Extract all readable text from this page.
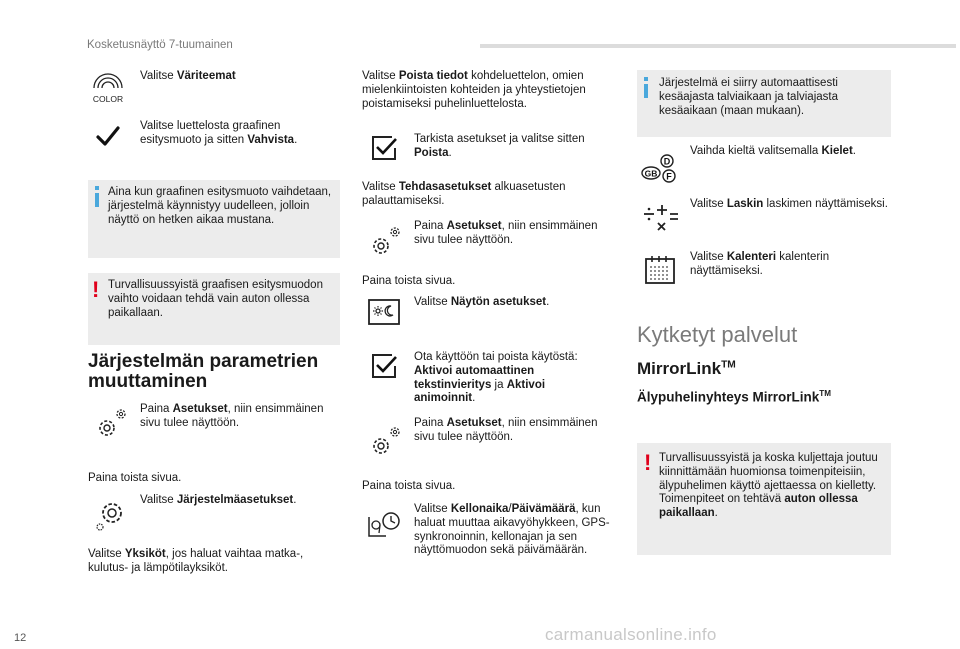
Kosketusnäyttö 7-tuumainen
COLOR
Valitse Väriteemat
Valitse luettelosta graafinen esitysmuoto ja sitten Vahvista.
Aina kun graafinen esitysmuoto vaihdetaan, järjestelmä käynnistyy uudelleen, jolloin näyttö on hetken aikaa mustana.
! Turvallisuussyistä graafisen esitysmuodon vaihto voidaan tehdä vain auton ollessa paikallaan.
Järjestelmän parametrien muuttaminen
Paina Asetukset, niin ensimmäinen sivu tulee näyttöön.
Paina toista sivua.
Valitse Järjestelmäasetukset.
Valitse Yksiköt, jos haluat vaihtaa matka-, kulutus- ja lämpötilayksiköt.
Valitse Poista tiedot kohdeluettelon, omien mielenkiintoisten kohteiden ja yhteystietojen poistamiseksi puhelinluettelosta.
Tarkista asetukset ja valitse sitten Poista.
Valitse Tehdasasetukset alkuasetusten palauttamiseksi.
Paina Asetukset, niin ensimmäinen sivu tulee näyttöön.
Paina toista sivua.
Valitse Näytön asetukset.
Ota käyttöön tai poista käytöstä: Aktivoi automaattinen tekstinvieritys ja Aktivoi animoinnit.
Paina Asetukset, niin ensimmäinen sivu tulee näyttöön.
Paina toista sivua.
Valitse Kellonaika/Päivämäärä, kun haluat muuttaa aikavyöhykkeen, GPS-synkronoinnin, kellonajan ja sen näyttömuodon sekä päivämäärän.
Järjestelmä ei siirry automaattisesti kesäajasta talviaikaan ja talviajasta kesäaikaan (maan mukaan).
GB
D
F
Vaihda kieltä valitsemalla Kielet.
Valitse Laskin laskimen näyttämiseksi.
Valitse Kalenteri kalenterin näyttämiseksi.
Kytketyt palvelut
MirrorLink™
Älypuhelinyhteys MirrorLink™
! Turvallisuussyistä ja koska kuljettaja joutuu kiinnittämään huomionsa toimenpiteisiin, älypuhelimen käyttö ajettaessa on kielletty.
Toimenpiteet on tehtävä auton ollessa paikallaan.
12	carmanualsonline.info
